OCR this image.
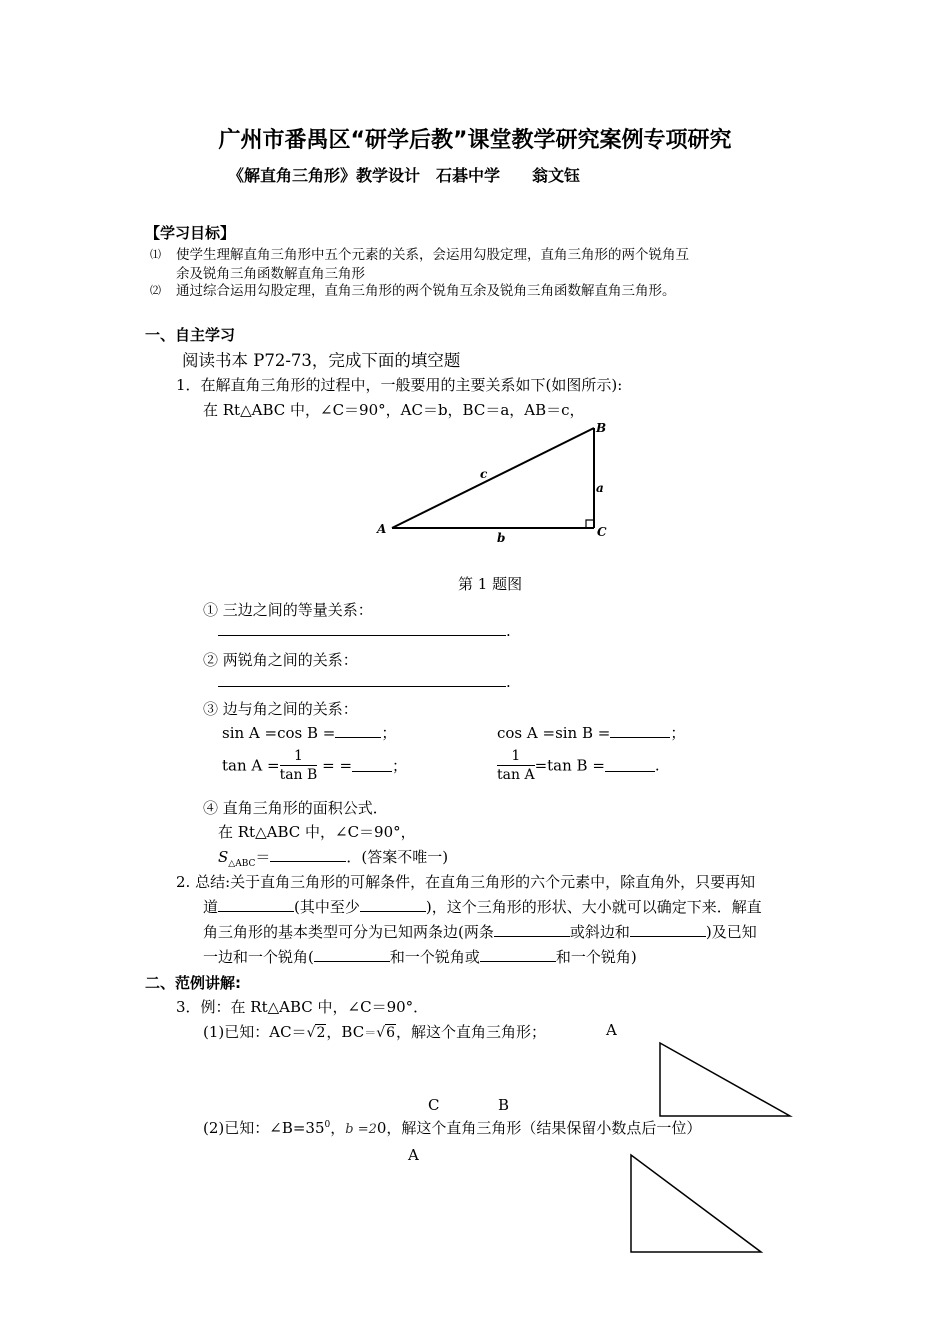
广州市番禺区“研学后教”课堂教学研究案例专项研究
《解直角三角形》教学设计　石碁中学　　翁文钰
【学习目标】
⑴ 使学生理解直角三角形中五个元素的关系，会运用勾股定理，直角三角形的两个锐角互
余及锐角三角函数解直角三角形
⑵ 通过综合运用勾股定理，直角三角形的两个锐角互余及锐角三角函数解直角三角形。
一、自主学习
阅读书本 P72-73，完成下面的填空题
1．在解直角三角形的过程中，一般要用的主要关系如下(如图所示):
在 Rt△ABC 中，∠C＝90°，AC＝b，BC＝a，AB＝c，
A
B
C
a
b
c
第 1 题图
① 三边之间的等量关系：
.
② 两锐角之间的关系：
.
③ 边与角之间的关系：
sin A =cos B =	；	cos A =sin B =	；
$\tan A = \frac{1}{\text{tan B}}$ = =	；	$\frac{1}{\text{tan A}} =\tan$ B =	.
④ 直角三角形的面积公式．
在 Rt△ABC 中，∠C＝90°，
$S_{\triangle ABC}=$	．(答案不唯一)
2. 总结:关于直角三角形的可解条件，在直角三角形的六个元素中，除直角外，只要再知
道	(其中至少	)，这个三角形的形状、大小就可以确定下来．解直
角三角形的基本类型可分为已知两条边(两条	或斜边和	)及已知
一边和一个锐角(	和一个锐角或	和一个锐角)
二、范例讲解:
3．例：在 Rt△ABC 中，∠C＝90°．
(1)已知：AC＝√2，BC＝√6，解这个直角三角形；	A
C	B
(2)已知：$\angle B=35^0$，b =20，解这个直角三角形（结果保留小数点后一位）
A
